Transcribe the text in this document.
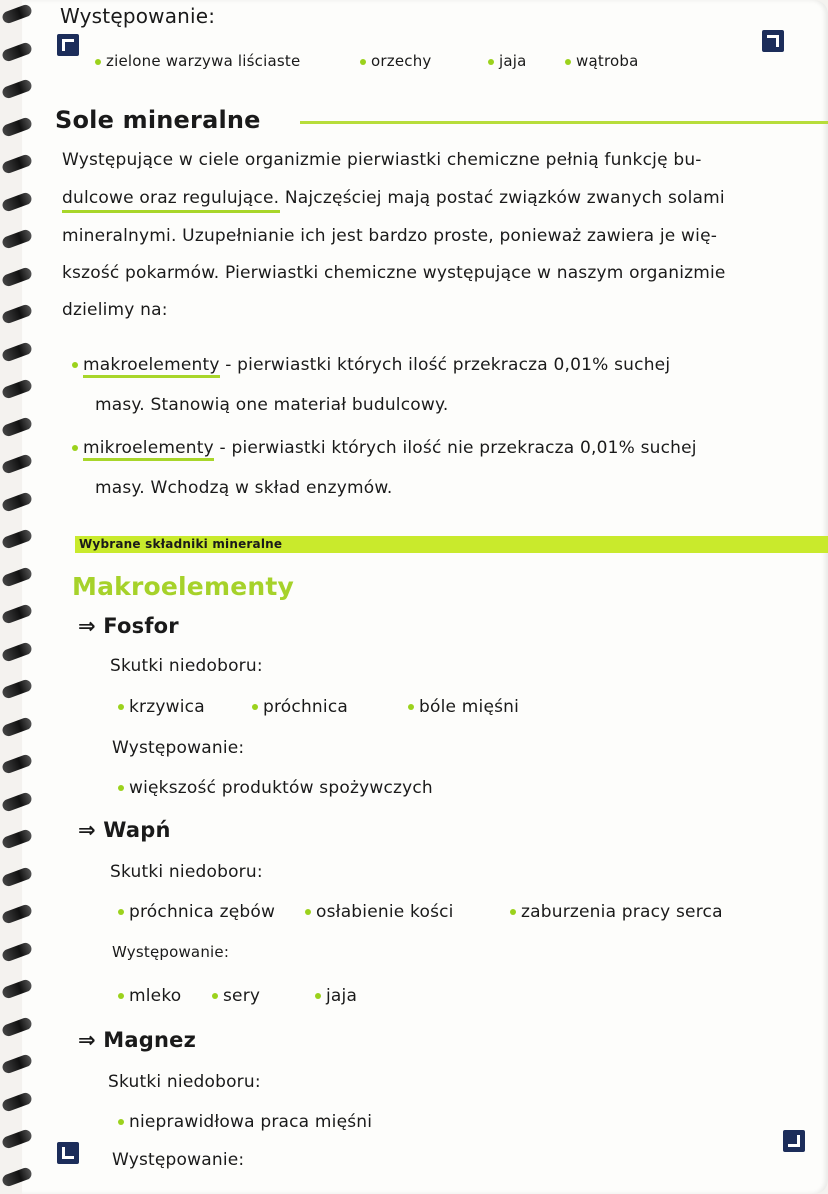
Występowanie:
zielone warzywa liściaste	orzechy	jaja	wątroba
Sole mineralne
Występujące w ciele organizmie pierwiastki chemiczne pełnią funkcję bu-
dulcowe oraz regulujące. Najczęściej mają postać związków zwanych solami
mineralnymi. Uzupełnianie ich jest bardzo proste, ponieważ zawiera je wię-
kszość pokarmów. Pierwiastki chemiczne występujące w naszym organizmie
dzielimy na:
makroelementy - pierwiastki których ilość przekracza 0,01% suchej
masy. Stanowią one materiał budulcowy.
mikroelementy - pierwiastki których ilość nie przekracza 0,01% suchej
masy. Wchodzą w skład enzymów.
Wybrane składniki mineralne
Makroelementy
⇒ Fosfor
Skutki niedoboru:
krzywica	próchnica	bóle mięśni
Występowanie:
większość produktów spożywczych
⇒ Wapń
Skutki niedoboru:
próchnica zębów	osłabienie kości	zaburzenia pracy serca
Występowanie:
mleko	sery	jaja
⇒ Magnez
Skutki niedoboru:
nieprawidłowa praca mięśni
Występowanie:
